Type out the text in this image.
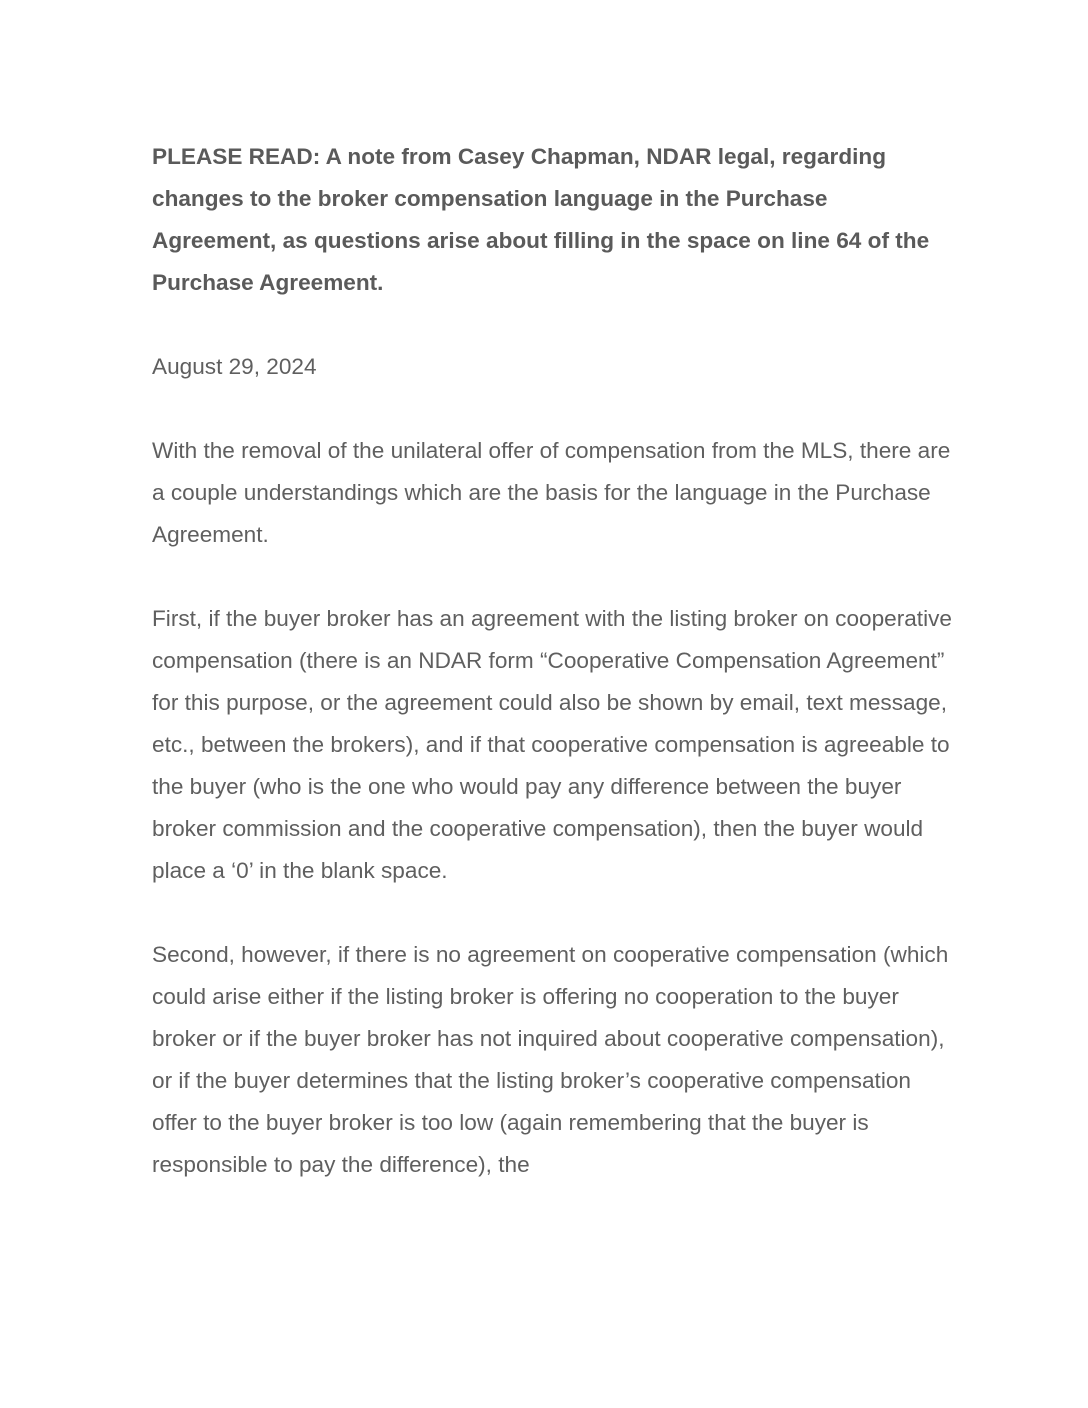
PLEASE READ: A note from Casey Chapman, NDAR legal, regarding changes to the broker compensation language in the Purchase Agreement, as questions arise about filling in the space on line 64 of the Purchase Agreement.

August 29, 2024

With the removal of the unilateral offer of compensation from the MLS, there are a couple understandings which are the basis for the language in the Purchase Agreement.

First, if the buyer broker has an agreement with the listing broker on cooperative compensation (there is an NDAR form “Cooperative Compensation Agreement” for this purpose, or the agreement could also be shown by email, text message, etc., between the brokers), and if that cooperative compensation is agreeable to the buyer (who is the one who would pay any difference between the buyer broker commission and the cooperative compensation), then the buyer would place a ‘0’ in the blank space.

Second, however, if there is no agreement on cooperative compensation (which could arise either if the listing broker is offering no cooperation to the buyer broker or if the buyer broker has not inquired about cooperative compensation), or if the buyer determines that the listing broker’s cooperative compensation offer to the buyer broker is too low (again remembering that the buyer is responsible to pay the difference), the
